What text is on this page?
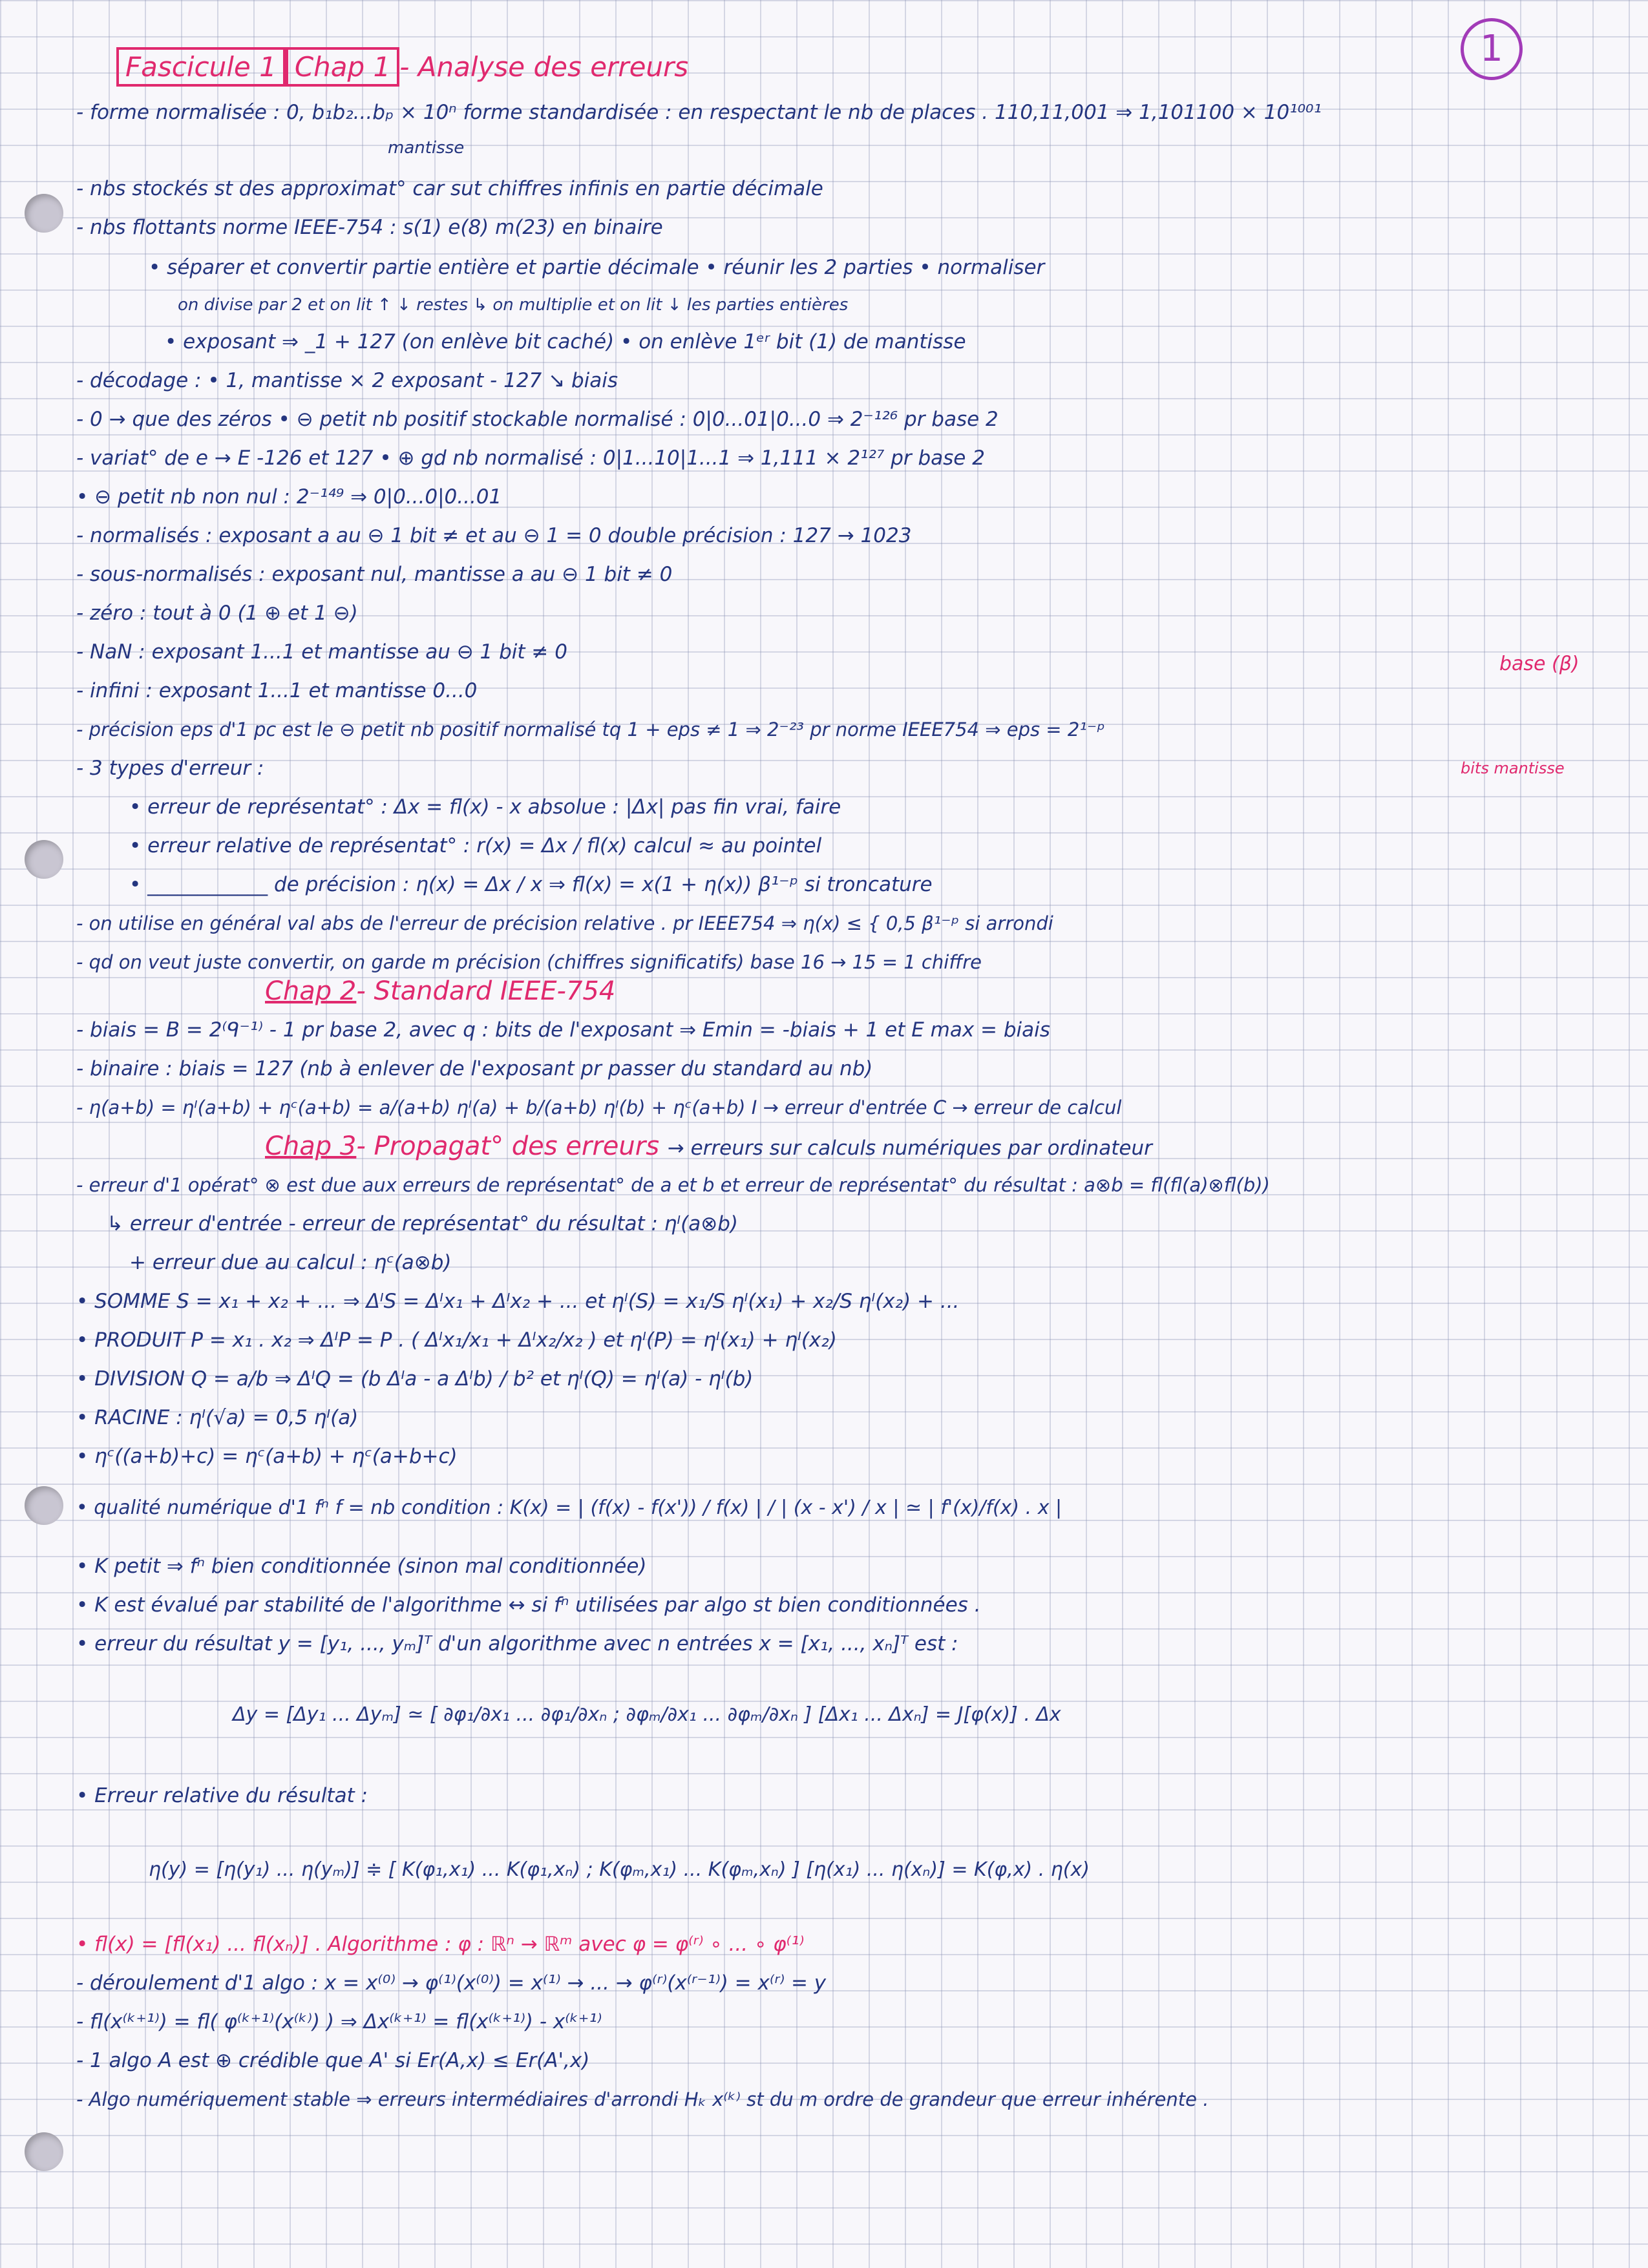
1
Fascicule 1 Chap 1 - Analyse des erreurs
- forme normalisée : 0, b₁b₂...bₚ × 10ⁿ forme standardisée : en respectant le nb de places . 110,11,001 ⇒ 1,101100 × 10¹⁰⁰¹
mantisse
- nbs stockés st des approximat° car sut chiffres infinis en partie décimale
- nbs flottants norme IEEE-754 : s(1) e(8) m(23) en binaire
• séparer et convertir partie entière et partie décimale • réunir les 2 parties • normaliser
on divise par 2 et on lit ↑ ↓ restes ↳ on multiplie et on lit ↓ les parties entières
• exposant ⇒ _1 + 127 (on enlève bit caché) • on enlève 1ᵉʳ bit (1) de mantisse
- décodage : • 1, mantisse × 2 exposant - 127 ↘ biais
- 0 → que des zéros • ⊖ petit nb positif stockable normalisé : 0|0...01|0...0 ⇒ 2⁻¹²⁶ pr base 2
- variat° de e → E -126 et 127 • ⊕ gd nb normalisé : 0|1...10|1...1 ⇒ 1,111 × 2¹²⁷ pr base 2
• ⊖ petit nb non nul : 2⁻¹⁴⁹ ⇒ 0|0...0|0...01
- normalisés : exposant a au ⊖ 1 bit ≠ et au ⊖ 1 = 0 double précision : 127 → 1023
- sous-normalisés : exposant nul, mantisse a au ⊖ 1 bit ≠ 0
- zéro : tout à 0 (1 ⊕ et 1 ⊖)
- NaN : exposant 1...1 et mantisse au ⊖ 1 bit ≠ 0
- infini : exposant 1...1 et mantisse 0...0
- précision eps d'1 pc est le ⊖ petit nb positif normalisé tq 1 + eps ≠ 1 ⇒ 2⁻²³ pr norme IEEE754 ⇒ eps = 2¹⁻ᵖ
- 3 types d'erreur :
• erreur de représentat° : Δx = fl(x) - x absolue : |Δx| pas fin vrai, faire
• erreur relative de représentat° : r(x) = Δx / fl(x) calcul ≈ au pointel
• ____________ de précision : η(x) = Δx / x ⇒ fl(x) = x(1 + η(x)) β¹⁻ᵖ si troncature
- on utilise en général val abs de l'erreur de précision relative . pr IEEE754 ⇒ η(x) ≤ { 0,5 β¹⁻ᵖ si arrondi
- qd on veut juste convertir, on garde m précision (chiffres significatifs) base 16 → 15 = 1 chiffre
base (β)
bits mantisse
Chap 2- Standard IEEE-754
- biais = B = 2⁽ᑫ⁻¹⁾ - 1 pr base 2, avec q : bits de l'exposant ⇒ Emin = -biais + 1 et E max = biais
- binaire : biais = 127 (nb à enlever de l'exposant pr passer du standard au nb)
- η(a+b) = ηᴵ(a+b) + ηᶜ(a+b) = a/(a+b) ηᴵ(a) + b/(a+b) ηᴵ(b) + ηᶜ(a+b) I → erreur d'entrée C → erreur de calcul
Chap 3- Propagat° des erreurs → erreurs sur calculs numériques par ordinateur
- erreur d'1 opérat° ⊗ est due aux erreurs de représentat° de a et b et erreur de représentat° du résultat : a⊗b = fl(fl(a)⊗fl(b))
↳ erreur d'entrée - erreur de représentat° du résultat : ηᴵ(a⊗b)
+ erreur due au calcul : ηᶜ(a⊗b)
• SOMME S = x₁ + x₂ + ... ⇒ ΔᴵS = Δᴵx₁ + Δᴵx₂ + ... et ηᴵ(S) = x₁/S ηᴵ(x₁) + x₂/S ηᴵ(x₂) + ...
• PRODUIT P = x₁ . x₂ ⇒ ΔᴵP = P . ( Δᴵx₁/x₁ + Δᴵx₂/x₂ ) et ηᴵ(P) = ηᴵ(x₁) + ηᴵ(x₂)
• DIVISION Q = a/b ⇒ ΔᴵQ = (b Δᴵa - a Δᴵb) / b² et ηᴵ(Q) = ηᴵ(a) - ηᴵ(b)
• RACINE : ηᴵ(√a) = 0,5 ηᴵ(a)
• ηᶜ((a+b)+c) = ηᶜ(a+b) + ηᶜ(a+b+c)
• qualité numérique d'1 fⁿ f = nb condition : K(x) = | (f(x) - f(x')) / f(x) | / | (x - x') / x | ≃ | f'(x)/f(x) . x |
• K petit ⇒ fⁿ bien conditionnée (sinon mal conditionnée)
• K est évalué par stabilité de l'algorithme ↔ si fⁿ utilisées par algo st bien conditionnées .
• erreur du résultat y = [y₁, ..., yₘ]ᵀ d'un algorithme avec n entrées x = [x₁, ..., xₙ]ᵀ est :
Δy = [Δy₁ ... Δyₘ] ≃ [ ∂φ₁/∂x₁ ... ∂φ₁/∂xₙ ; ∂φₘ/∂x₁ ... ∂φₘ/∂xₙ ] [Δx₁ ... Δxₙ] = J[φ(x)] . Δx
• Erreur relative du résultat :
η(y) = [η(y₁) ... η(yₘ)] ≑ [ K(φ₁,x₁) ... K(φ₁,xₙ) ; K(φₘ,x₁) ... K(φₘ,xₙ) ] [η(x₁) ... η(xₙ)] = K(φ,x) . η(x)
• fl(x) = [fl(x₁) ... fl(xₙ)] . Algorithme : φ : ℝⁿ → ℝᵐ avec φ = φ⁽ʳ⁾ ∘ ... ∘ φ⁽¹⁾
- déroulement d'1 algo : x = x⁽⁰⁾ → φ⁽¹⁾(x⁽⁰⁾) = x⁽¹⁾ → ... → φ⁽ʳ⁾(x⁽ʳ⁻¹⁾) = x⁽ʳ⁾ = y
- fl(x⁽ᵏ⁺¹⁾) = fl( φ⁽ᵏ⁺¹⁾(x⁽ᵏ⁾) ) ⇒ Δx⁽ᵏ⁺¹⁾ = fl(x⁽ᵏ⁺¹⁾) - x⁽ᵏ⁺¹⁾
- 1 algo A est ⊕ crédible que A' si Er(A,x) ≤ Er(A',x)
- Algo numériquement stable ⇒ erreurs intermédiaires d'arrondi Hₖ x⁽ᵏ⁾ st du m ordre de grandeur que erreur inhérente .
